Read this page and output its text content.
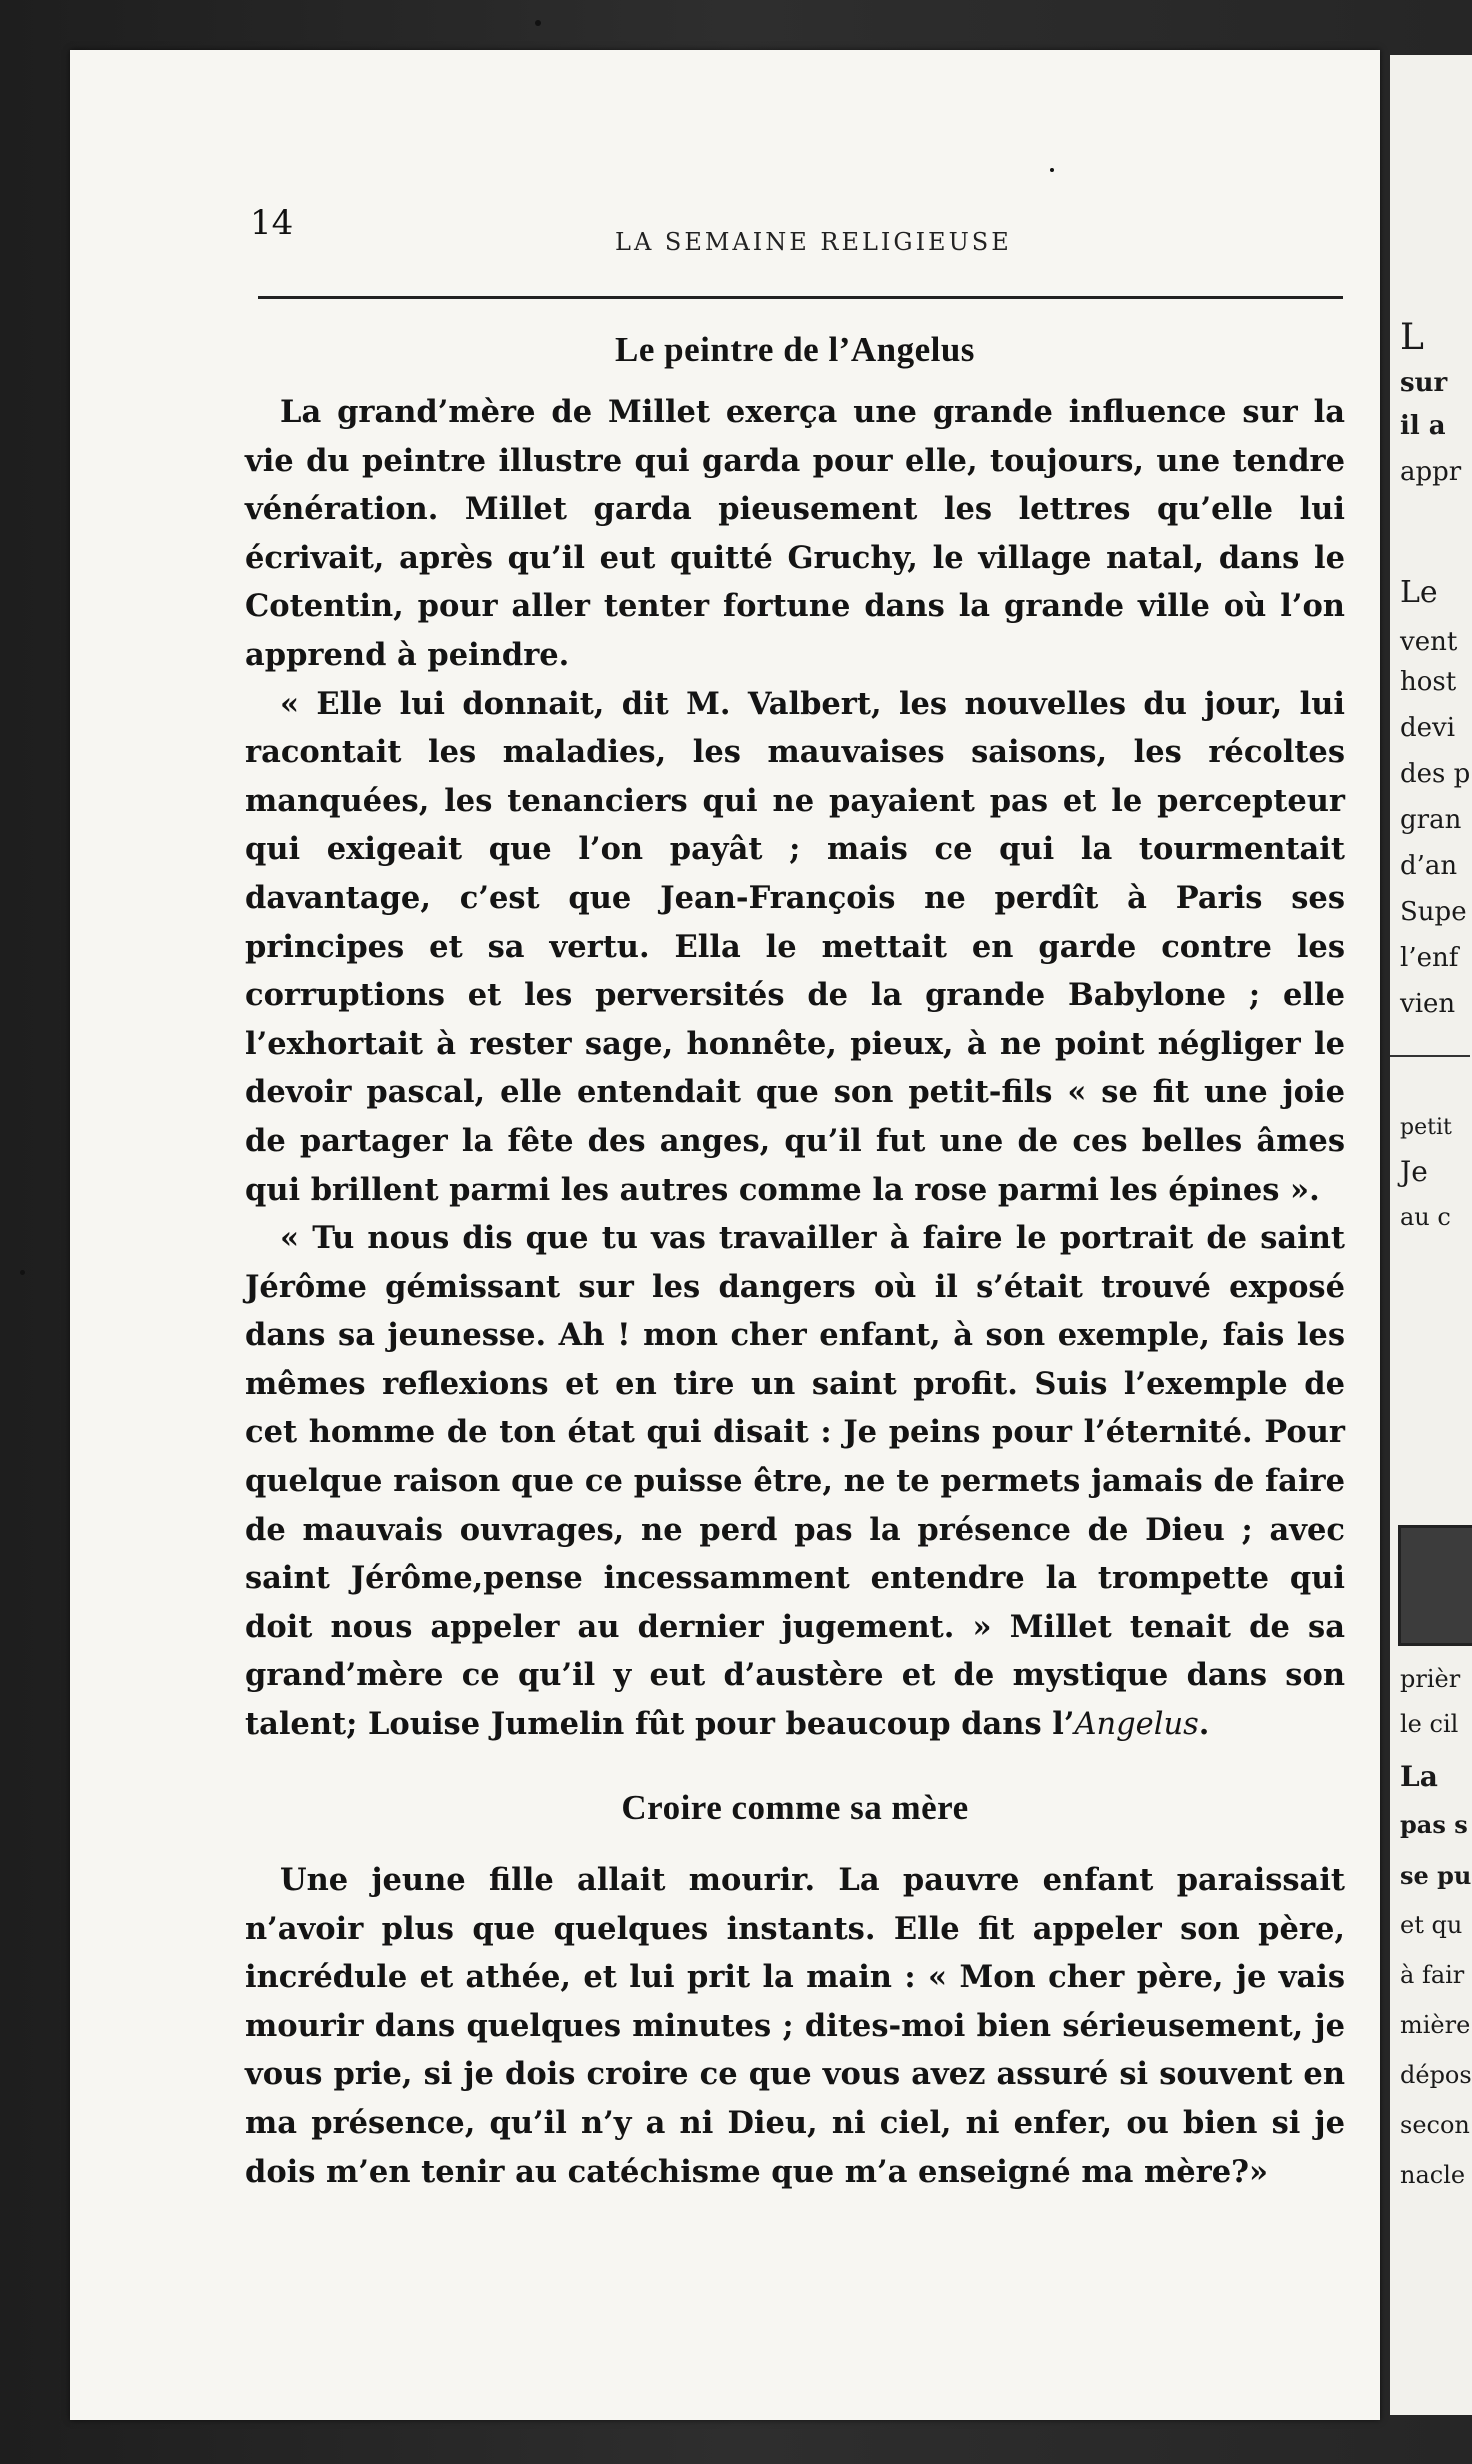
L
sur
il a
appr
Le
vent
host
devi
des p
gran
d’an
Supe
l’enf
vien
petit
Je
au c
prièr
le cil
La
pas s
se pu
et qu
à fair
mière
dépos
secon
nacle
14	LA SEMAINE RELIGIEUSE
Le peintre de l’Angelus

La grand’mère de Millet exerça une grande influence sur la vie du peintre illustre qui garda pour elle, toujours, une tendre vénération. Millet garda pieusement les lettres qu’elle lui écrivait, après qu’il eut quitté Gruchy, le village natal, dans le Cotentin, pour aller tenter fortune dans la grande ville où l’on apprend à peindre.

« Elle lui donnait, dit M. Valbert, les nouvelles du jour, lui racontait les maladies, les mauvaises saisons, les récoltes manquées, les tenanciers qui ne payaient pas et le percepteur qui exigeait que l’on payât ; mais ce qui la tourmentait davantage, c’est que Jean-François ne perdît à Paris ses principes et sa vertu. Ella le mettait en garde contre les corruptions et les perversités de la grande Babylone ; elle l’exhortait à rester sage, honnête, pieux, à ne point négliger le devoir pascal, elle entendait que son petit-fils « se fit une joie de partager la fête des anges, qu’il fut une de ces belles âmes qui brillent parmi les autres comme la rose parmi les épines ».

« Tu nous dis que tu vas travailler à faire le portrait de saint Jérôme gémissant sur les dangers où il s’était trouvé exposé dans sa jeunesse. Ah ! mon cher enfant, à son exemple, fais les mêmes reflexions et en tire un saint profit. Suis l’exemple de cet homme de ton état qui disait : Je peins pour l’éternité. Pour quelque raison que ce puisse être, ne te permets jamais de faire de mauvais ouvrages, ne perd pas la présence de Dieu ; avec saint Jérôme,pense incessamment entendre la trompette qui doit nous appeler au dernier jugement. » Millet tenait de sa grand’mère ce qu’il y eut d’austère et de mystique dans son talent; Louise Jumelin fût pour beaucoup dans l’Angelus.

Croire comme sa mère

Une jeune fille allait mourir. La pauvre enfant paraissait n’avoir plus que quelques instants. Elle fit appeler son père, incrédule et athée, et lui prit la main : « Mon cher père, je vais mourir dans quelques minutes ; dites-moi bien sérieusement, je vous prie, si je dois croire ce que vous avez assuré si souvent en ma présence, qu’il n’y a ni Dieu, ni ciel, ni enfer, ou bien si je dois m’en tenir au catéchisme que m’a enseigné ma mère?»
